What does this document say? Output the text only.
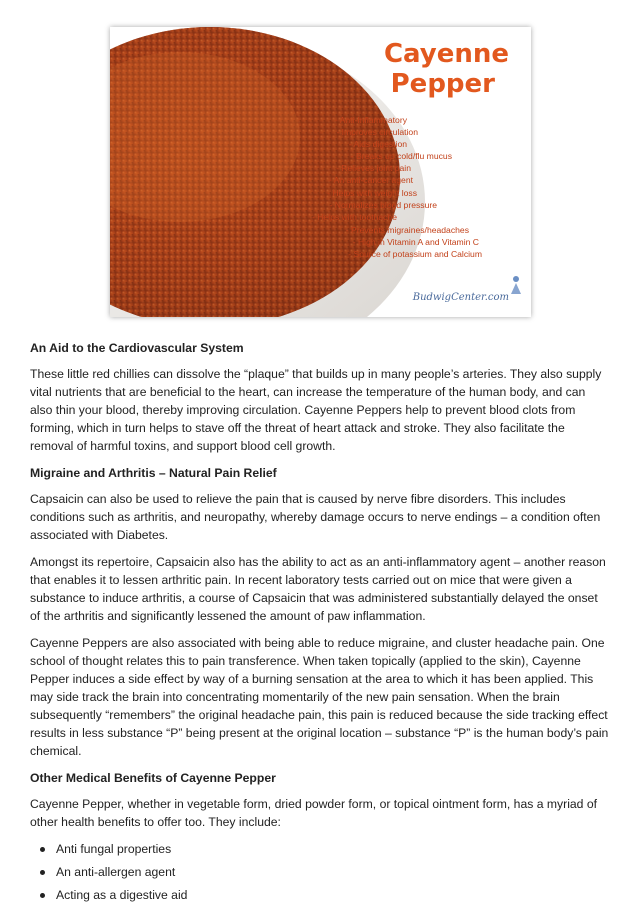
Cayenne
Pepper
- Anti-Inflammatory
- Improves circulation
- Aids digestion
- Breaks up cold/flu mucus
- Relieves joint pain
- An anti-cancer agent
- Helps with weight loss
- Normalizes blood pressure
- Helps with toothache
- Prevents migraines/headaches
- High in Vitamin A and Vitamin C
- Source of potassium and Calcium
BudwigCenter.com
An Aid to the Cardiovascular System

These little red chillies can dissolve the “plaque” that builds up in many people’s arteries. They also supply vital nutrients that are beneficial to the heart, can increase the temperature of the human body, and can also thin your blood, thereby improving circulation. Cayenne Peppers help to prevent blood clots from forming, which in turn helps to stave off the threat of heart attack and stroke. They also facilitate the removal of harmful toxins, and support blood cell growth.

Migraine and Arthritis – Natural Pain Relief

Capsaicin can also be used to relieve the pain that is caused by nerve fibre disorders. This includes conditions such as arthritis, and neuropathy, whereby damage occurs to nerve endings – a condition often associated with Diabetes.

Amongst its repertoire, Capsaicin also has the ability to act as an anti-inflammatory agent – another reason that enables it to lessen arthritic pain. In recent laboratory tests carried out on mice that were given a substance to induce arthritis, a course of Capsaicin that was administered substantially delayed the onset of the arthritis and significantly lessened the amount of paw inflammation.

Cayenne Peppers are also associated with being able to reduce migraine, and cluster headache pain. One school of thought relates this to pain transference. When taken topically (applied to the skin), Cayenne Pepper induces a side effect by way of a burning sensation at the area to which it has been applied. This may side track the brain into concentrating momentarily of the new pain sensation. When the brain subsequently “remembers” the original headache pain, this pain is reduced because the side tracking effect results in less substance “P” being present at the original location – substance “P” is the human body’s pain chemical.

Other Medical Benefits of Cayenne Pepper

Cayenne Pepper, whether in vegetable form, dried powder form, or topical ointment form, has a myriad of other health benefits to offer too. They include:

Anti fungal properties
An anti-allergen agent
Acting as a digestive aid
